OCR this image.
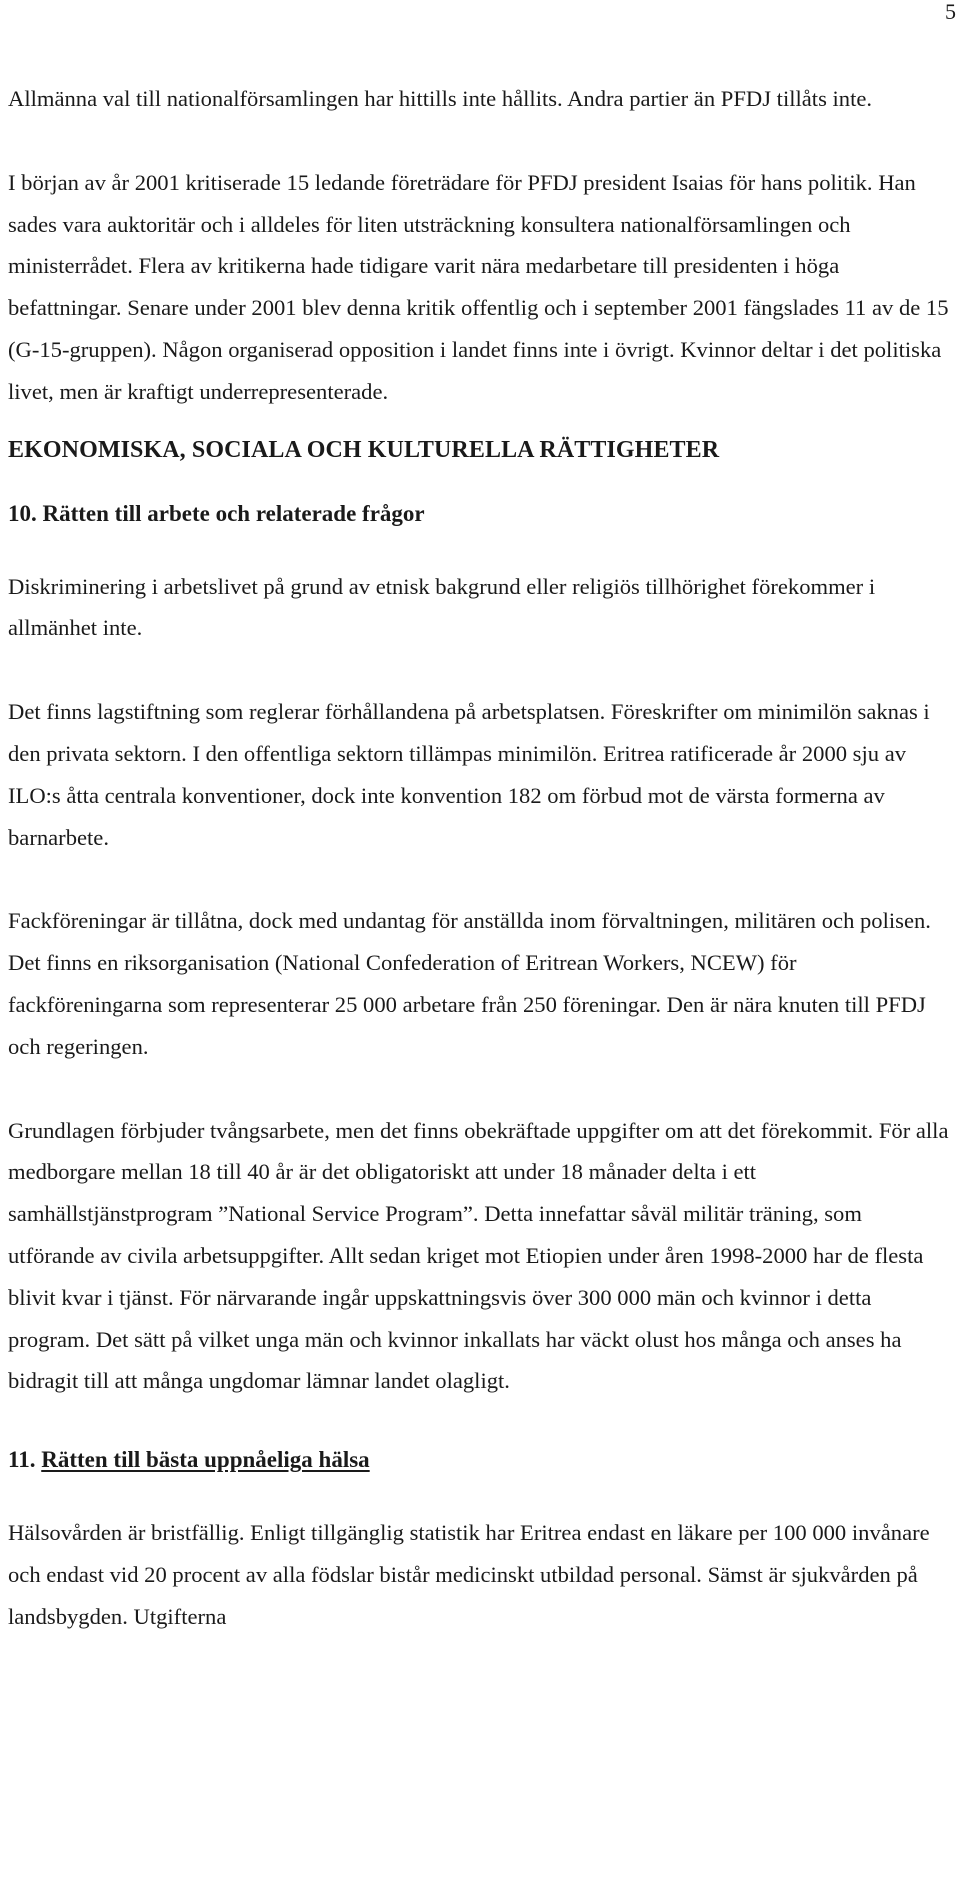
5

Allmänna val till nationalförsamlingen har hittills inte hållits. Andra partier än PFDJ tillåts inte.

I början av år 2001 kritiserade 15 ledande företrädare för PFDJ president Isaias för hans politik. Han sades vara auktoritär och i alldeles för liten utsträckning konsultera nationalförsamlingen och ministerrådet. Flera av kritikerna hade tidigare varit nära medarbetare till presidenten i höga befattningar. Senare under 2001 blev denna kritik offentlig och i september 2001 fängslades 11 av de 15 (G-15-gruppen). Någon organiserad opposition i landet finns inte i övrigt. Kvinnor deltar i det politiska livet, men är kraftigt underrepresenterade.

EKONOMISKA, SOCIALA OCH KULTURELLA RÄTTIGHETER
10. Rätten till arbete och relaterade frågor

Diskriminering i arbetslivet på grund av etnisk bakgrund eller religiös tillhörighet förekommer i allmänhet inte.

Det finns lagstiftning som reglerar förhållandena på arbetsplatsen. Föreskrifter om minimilön saknas i den privata sektorn. I den offentliga sektorn tillämpas minimilön. Eritrea ratificerade år 2000 sju av ILO:s åtta centrala konventioner, dock inte konvention 182 om förbud mot de värsta formerna av barnarbete.

Fackföreningar är tillåtna, dock med undantag för anställda inom förvaltningen, militären och polisen. Det finns en riksorganisation (National Confederation of Eritrean Workers, NCEW) för fackföreningarna som representerar 25 000 arbetare från 250 föreningar. Den är nära knuten till PFDJ och regeringen.

Grundlagen förbjuder tvångsarbete, men det finns obekräftade uppgifter om att det förekommit. För alla medborgare mellan 18 till 40 år är det obligatoriskt att under 18 månader delta i ett samhällstjänstprogram ”National Service Program”. Detta innefattar såväl militär träning, som utförande av civila arbetsuppgifter. Allt sedan kriget mot Etiopien under åren 1998-2000 har de flesta blivit kvar i tjänst. För närvarande ingår uppskattningsvis över 300 000 män och kvinnor i detta program. Det sätt på vilket unga män och kvinnor inkallats har väckt olust hos många och anses ha bidragit till att många ungdomar lämnar landet olagligt.

11. Rätten till bästa uppnåeliga hälsa

Hälsovården är bristfällig. Enligt tillgänglig statistik har Eritrea endast en läkare per 100 000 invånare och endast vid 20 procent av alla födslar bistår medicinskt utbildad personal. Sämst är sjukvården på landsbygden. Utgifterna
